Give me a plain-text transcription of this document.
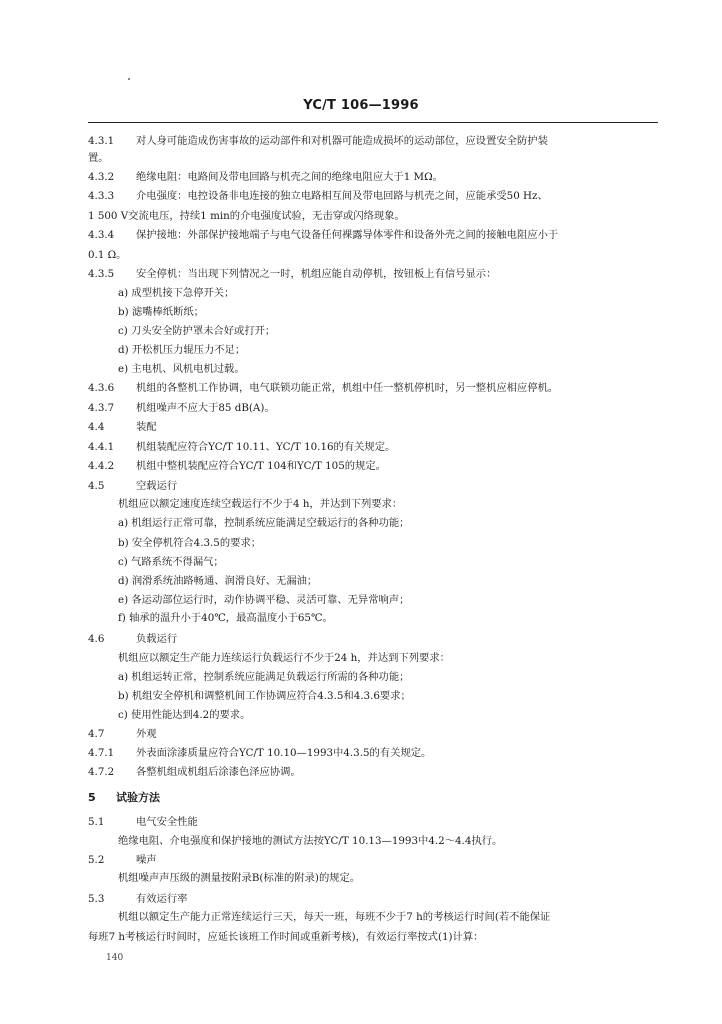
YC/T 106—1996
4.3.1 对人身可能造成伤害事故的运动部件和对机器可能造成损坏的运动部位，应设置安全防护装
置。
4.3.2 绝缘电阻：电路间及带电回路与机壳之间的绝缘电阻应大于1 MΩ。
4.3.3 介电强度：电控设备非电连接的独立电路相互间及带电回路与机壳之间，应能承受50 Hz、
1 500 V交流电压，持续1 min的介电强度试验，无击穿或闪络现象。
4.3.4 保护接地：外部保护接地端子与电气设备任何裸露导体零件和设备外壳之间的接触电阻应小于
0.1 Ω。
4.3.5 安全停机：当出现下列情况之一时，机组应能自动停机，按钮板上有信号显示：
a) 成型机接下急停开关；
b) 滤嘴棒纸断纸；
c) 刀头安全防护罩未合好或打开；
d) 开松机压力辊压力不足；
e) 主电机、风机电机过载。
4.3.6 机组的各整机工作协调，电气联锁功能正常，机组中任一整机停机时，另一整机应相应停机。
4.3.7 机组噪声不应大于85 dB(A)。
4.4	装配
4.4.1 机组装配应符合YC/T 10.11、YC/T 10.16的有关规定。
4.4.2 机组中整机装配应符合YC/T 104和YC/T 105的规定。
4.5	空载运行
机组应以额定速度连续空载运行不少于4 h，并达到下列要求：
a) 机组运行正常可靠，控制系统应能满足空载运行的各种功能；
b) 安全停机符合4.3.5的要求；
c) 气路系统不得漏气；
d) 润滑系统油路畅通、润滑良好、无漏油；
e) 各运动部位运行时，动作协调平稳、灵活可靠、无异常响声；
f) 轴承的温升小于40℃，最高温度小于65℃。
4.6	负载运行
机组应以额定生产能力连续运行负载运行不少于24 h，并达到下列要求：
a) 机组运转正常，控制系统应能满足负载运行所需的各种功能；
b) 机组安全停机和调整机间工作协调应符合4.3.5和4.3.6要求；
c) 使用性能达到4.2的要求。
4.7	外观
4.7.1 外表面涂漆质量应符合YC/T 10.10—1993中4.3.5的有关规定。
4.7.2 各整机组成机组后涂漆色泽应协调。
5 试验方法
5.1	电气安全性能
绝缘电阻、介电强度和保护接地的测试方法按YC/T 10.13—1993中4.2～4.4执行。
5.2	噪声
机组噪声声压级的测量按附录B(标准的附录)的规定。
5.3	有效运行率
机组以额定生产能力正常连续运行三天，每天一班，每班不少于7 h的考核运行时间(若不能保证
每班7 h考核运行时间时，应延长该班工作时间或重新考核)，有效运行率按式(1)计算：
140
